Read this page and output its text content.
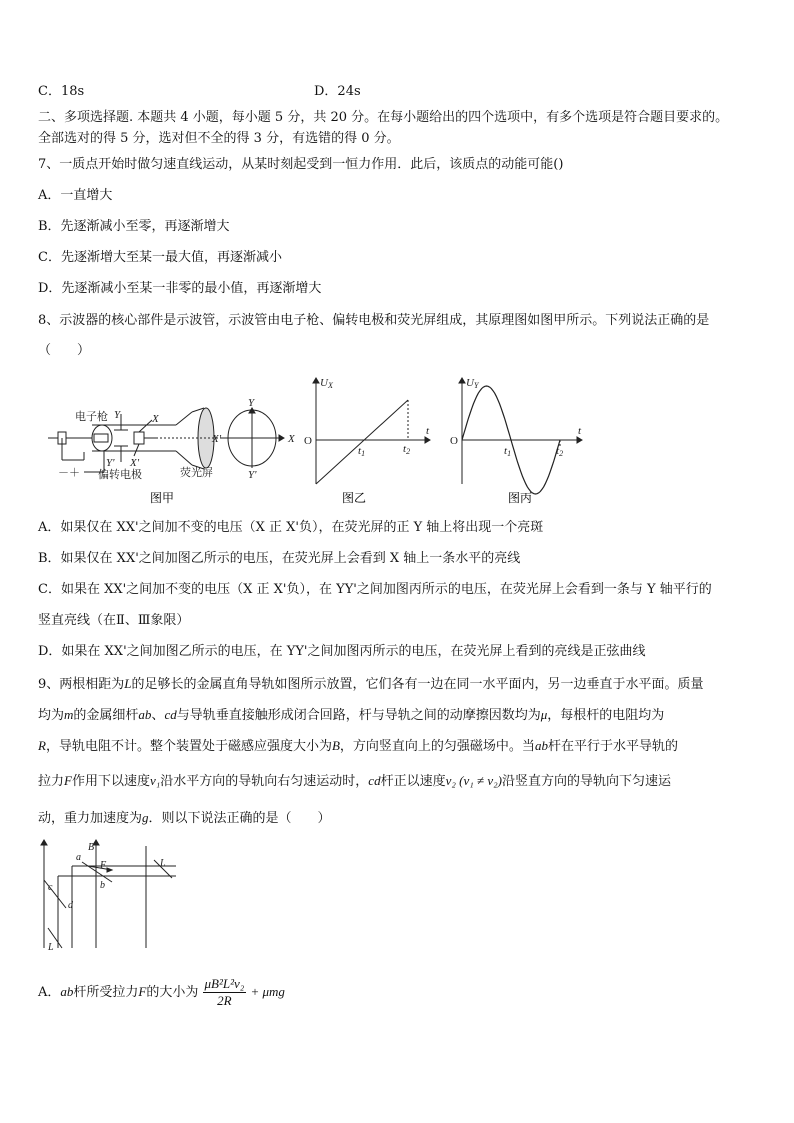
C．18s	D．24s
二、多项选择题. 本题共 4 小题，每小题 5 分，共 20 分。在每小题给出的四个选项中，有多个选项是符合题目要求的。
全部选对的得 5 分，选对但不全的得 3 分，有选错的得 0 分。
7、一质点开始时做匀速直线运动，从某时刻起受到一恒力作用．此后，该质点的动能可能()
A．一直增大
B．先逐渐减小至零，再逐渐增大
C．先逐渐增大至某一最大值，再逐渐减小
D．先逐渐减小至某一非零的最小值，再逐渐增大
8、示波器的核心部件是示波管，示波管由电子枪、偏转电极和荧光屏组成，其原理图如图甲所示。下列说法正确的是
（　　）
电子枪 Y	X
Y' X'
偏转电极
－＋	荧光屏
X'	X
Y
Y'
图甲
UX
O
t1	t2
t
图乙
UY
O
t1	t2
t
图丙
A．如果仅在 XX'之间加不变的电压（X 正 X'负），在荧光屏的正 Y 轴上将出现一个亮斑
B．如果仅在 XX'之间加图乙所示的电压，在荧光屏上会看到 X 轴上一条水平的亮线
C．如果在 XX'之间加不变的电压（X 正 X'负），在 YY'之间加图丙所示的电压，在荧光屏上会看到一条与 Y 轴平行的
竖直亮线（在Ⅱ、Ⅲ象限）
D．如果在 XX'之间加图乙所示的电压，在 YY'之间加图丙所示的电压，在荧光屏上看到的亮线是正弦曲线
9、两根相距为L的足够长的金属直角导轨如图所示放置，它们各有一边在同一水平面内，另一边垂直于水平面。质量
均为m的金属细杆ab、cd与导轨垂直接触形成闭合回路，杆与导轨之间的动摩擦因数均为μ，每根杆的电阻均为
R，导轨电阻不计。整个装置处于磁感应强度大小为B，方向竖直向上的匀强磁场中。当ab杆在平行于水平导轨的
拉力F作用下以速度v₁沿水平方向的导轨向右匀速运动时，cd杆正以速度v₂ (v₁ ≠ v₂)沿竖直方向的导轨向下匀速运
动，重力加速度为g．则以下说法正确的是（　　）
a
b
c
d
B
F	L
L
A．ab杆所受拉力F的大小为 $\frac{\text{μB²L²v₂}}{2R} + \mu mg$
